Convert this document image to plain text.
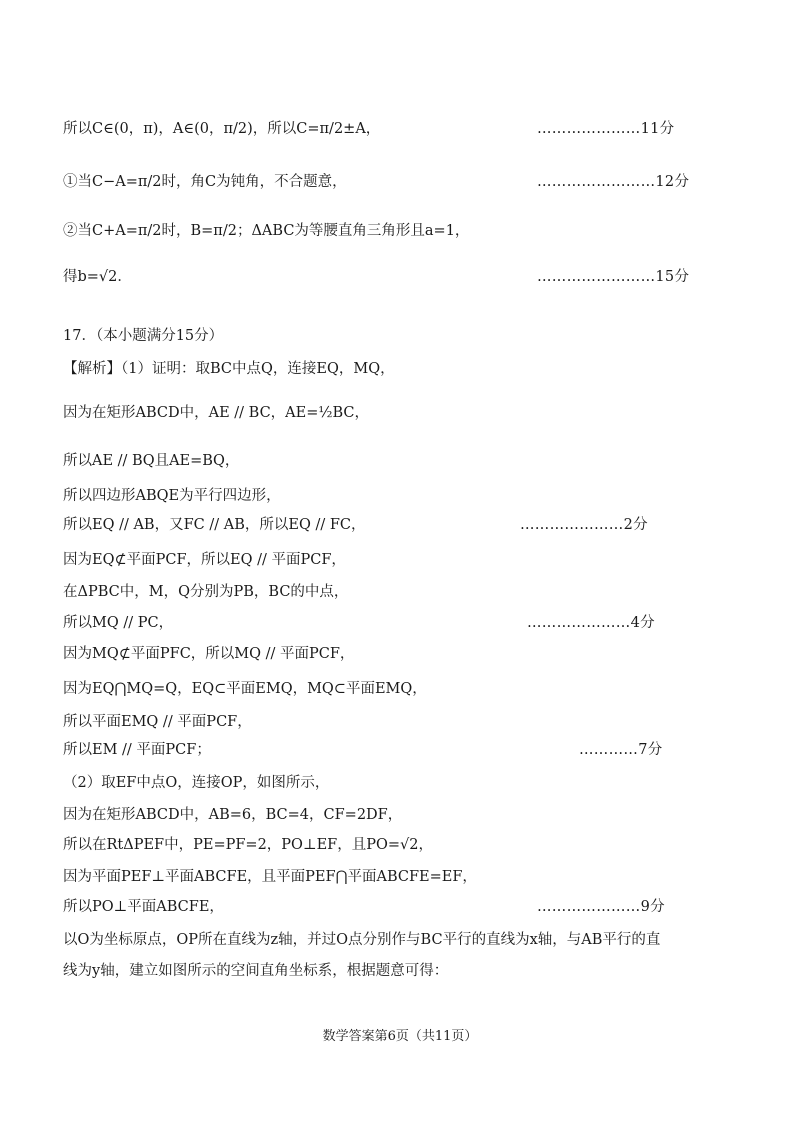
所以C∈(0，π)，A∈(0，π/2)，所以C=π/2±A，	…………………11分
①当C−A=π/2时，角C为钝角，不合题意，	……………………12分
②当C+A=π/2时，B=π/2；ΔABC为等腰直角三角形且a=1，
得b=√2．	……………………15分
17．（本小题满分15分）
【解析】（1）证明：取BC中点Q，连接EQ，MQ，
因为在矩形ABCD中，AE // BC，AE=½BC，
所以AE // BQ且AE=BQ，
所以四边形ABQE为平行四边形，
所以EQ // AB，又FC // AB，所以EQ // FC，	…………………2分
因为EQ⊄平面PCF，所以EQ // 平面PCF，
在ΔPBC中，M，Q分别为PB，BC的中点，
所以MQ // PC，	…………………4分
因为MQ⊄平面PFC，所以MQ // 平面PCF，
因为EQ⋂MQ=Q，EQ⊂平面EMQ，MQ⊂平面EMQ，
所以平面EMQ // 平面PCF，
所以EM // 平面PCF；	…………7分
（2）取EF中点O，连接OP，如图所示，
因为在矩形ABCD中，AB=6，BC=4，CF=2DF，
所以在RtΔPEF中，PE=PF=2，PO⊥EF，且PO=√2，
因为平面PEF⊥平面ABCFE，且平面PEF⋂平面ABCFE=EF，
所以PO⊥平面ABCFE，	…………………9分
以O为坐标原点，OP所在直线为z轴，并过O点分别作与BC平行的直线为x轴，与AB平行的直
线为y轴，建立如图所示的空间直角坐标系，根据题意可得：
数学答案第6页（共11页）
